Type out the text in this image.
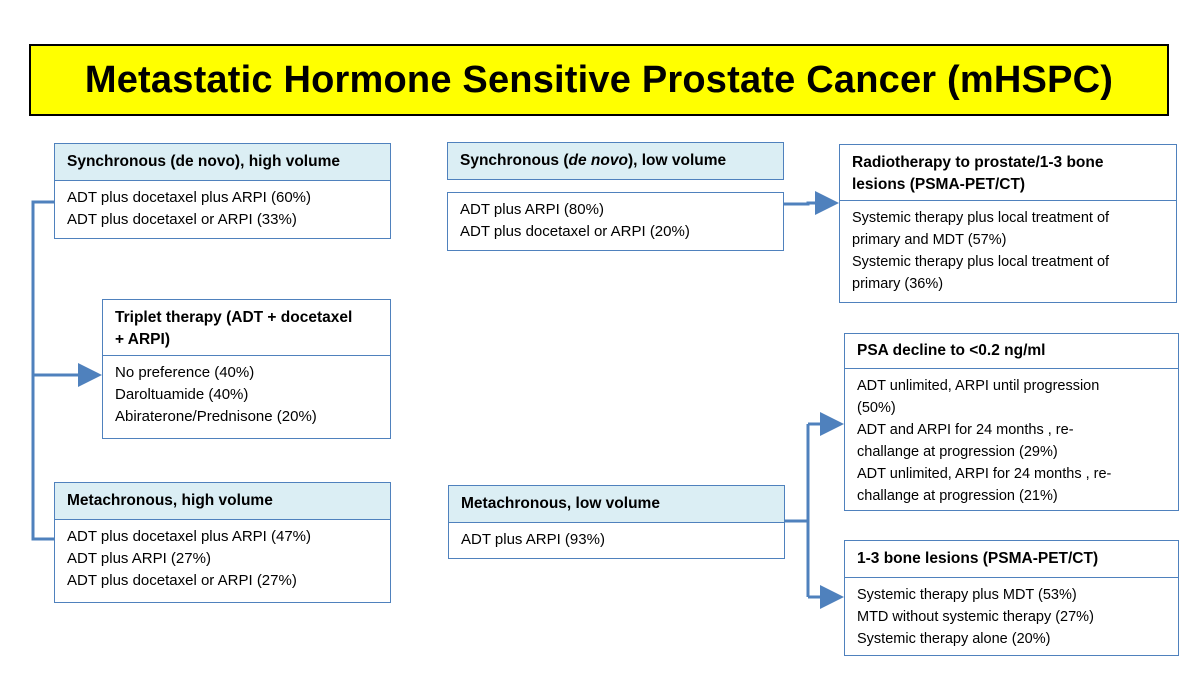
Metastatic Hormone Sensitive Prostate Cancer (mHSPC)
Synchronous (de novo), high volume
ADT plus docetaxel plus ARPI (60%)
ADT plus docetaxel or ARPI (33%)
Triplet therapy (ADT + docetaxel
+ ARPI)
No preference (40%)
Daroltuamide (40%)
Abiraterone/Prednisone (20%)
Metachronous, high volume
ADT plus docetaxel plus ARPI (47%)
ADT plus ARPI (27%)
ADT plus docetaxel or ARPI (27%)
Synchronous ( de novo ), low volume
ADT plus ARPI (80%)
ADT plus docetaxel or ARPI (20%)
Metachronous, low volume
ADT plus ARPI (93%)
Radiotherapy to prostate/1-3 bone
lesions (PSMA-PET/CT)
Systemic therapy plus local treatment of
primary and MDT (57%)
Systemic therapy plus local treatment of
primary (36%)
PSA decline to <0.2 ng/ml
ADT unlimited, ARPI until progression
(50%)
ADT and ARPI for 24 months , re-
challange at progression (29%)
ADT unlimited, ARPI for 24 months , re-
challange at progression (21%)
1-3 bone lesions (PSMA-PET/CT)
Systemic therapy plus MDT (53%)
MTD without systemic therapy (27%)
Systemic therapy alone (20%)
